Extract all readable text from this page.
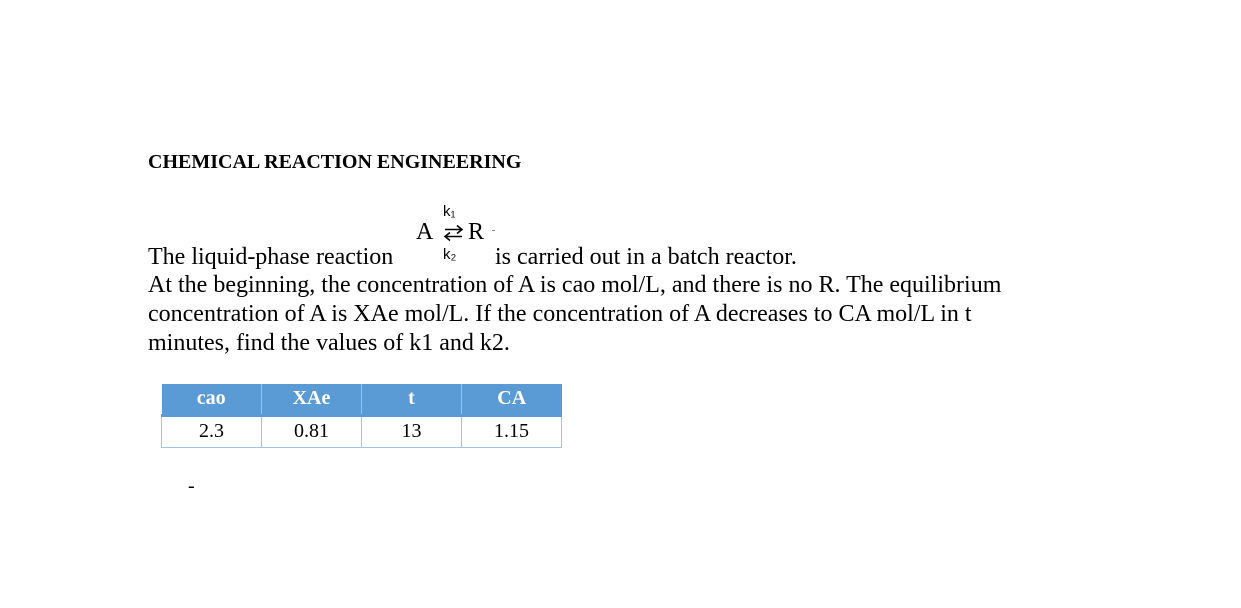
CHEMICAL REACTION ENGINEERING
k₁
A ⇌ R
k₂
The liquid-phase reaction	is carried out in a batch reactor.
At the beginning, the concentration of A is cao mol/L, and there is no R. The equilibrium
concentration of A is XAe mol/L. If the concentration of A decreases to CA mol/L in t
minutes, find the values of k1 and k2.
cao	XAe	t	CA
2.3	0.81	13	1.15
-
